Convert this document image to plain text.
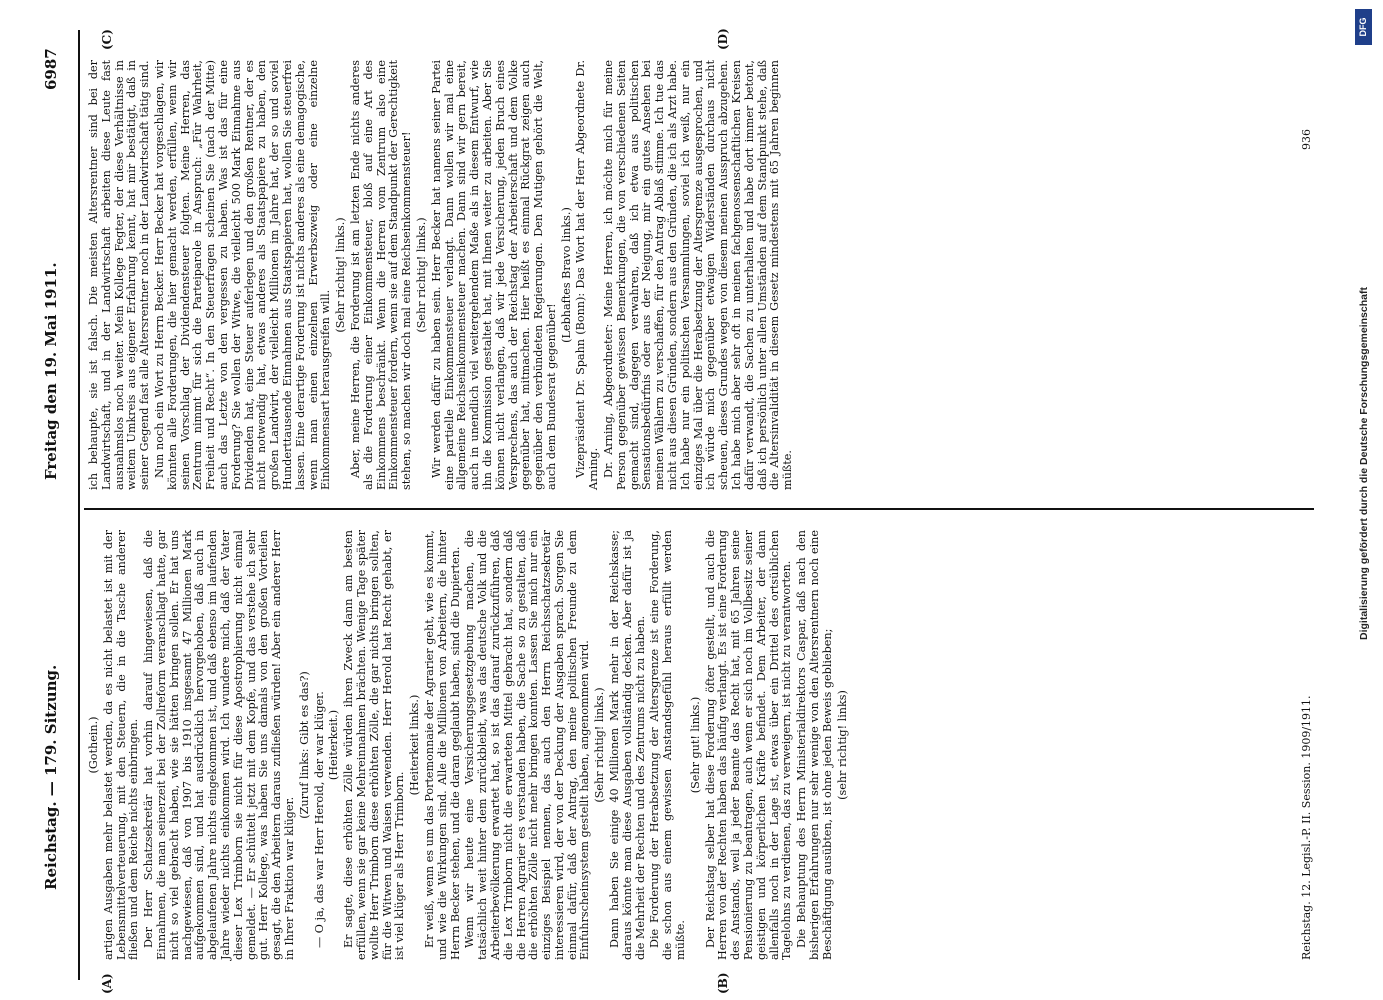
Reichstag. — 179. Sitzung.
Freitag den 19. Mai 1911.
6987
(A)	(B)
(C)	(D)

(Gothein.) artigen Ausgaben mehr belastet werden, da es nicht belastet ist mit der Lebensmittelverteuerung, mit den Steuern, die in die Tasche anderer fließen und dem Reiche nichts einbringen. Der Herr Schatzsekretär hat vorhin darauf hingewiesen, daß die Einnahmen, die man seinerzeit bei der Zollreform veranschlagt hatte, gar nicht so viel gebracht haben, wie sie hätten bringen sollen. Er hat uns nachgewiesen, daß von 1907 bis 1910 insgesamt 47 Millionen Mark aufgekommen sind, und hat ausdrücklich hervorgehoben, daß auch in abgelaufenen Jahre nichts eingekommen ist, und daß ebenso im laufenden Jahre wieder nichts einkommen wird. Ich wundere mich, daß der Vater dieser Lex Trimborn sie nicht für diese Apostrophierung nicht einmal gemeldet. — Er schüttelt jetzt mit dem Kopfe, und das verstehe ich sehr gut. Herr Kollege, was haben Sie uns damals von den großen Vorteilen gesagt, die den Arbeitern daraus zufließen würden! Aber ein anderer Herr in Ihrer Fraktion war klüger.

(Zuruf links: Gibt es das?) — O ja, das war Herr Herold, der war klüger. (Heiterkeit.) Er sagte, diese erhöhten Zölle würden ihren Zweck dann am besten erfüllen, wenn sie gar keine Mehreinnahmen brächten. Wenige Tage später wollte Herr Trimborn diese erhöhten Zölle, die gar nichts bringen sollten, für die Witwen und Waisen verwenden. Herr Herold hat Recht gehabt, er ist viel klüger als Herr Trimborn.

(Heiterkeit links.) Er weiß, wenn es um das Portemonnaie der Agrarier geht, wie es kommt, und wie die Wirkungen sind. Alle die Millionen von Arbeitern, die hinter Herrn Becker stehen, und die daran geglaubt haben, sind die Dupierten. Wenn wir heute eine Versicherungsgesetzgebung machen, die tatsächlich weit hinter dem zurückbleibt, was das deutsche Volk und die Arbeiterbevölkerung erwartet hat, so ist das darauf zurückzuführen, daß die Lex Trimborn nicht die erwarteten Mittel gebracht hat, sondern daß die Herren Agrarier es verstanden haben, die Sache so zu gestalten, daß die erhöhten Zölle nicht mehr bringen konnten. Lassen Sie mich nur ein einziges Beispiel nennen, das auch den Herrn Reichsschatzsekretär interessieren wird, der von der Deckung der Ausgaben sprach. Sorgen Sie einmal dafür, daß der Antrag, den meine politischen Freunde zu dem Einfuhrscheinsystem gestellt haben, angenommen wird. (Sehr richtig! links.) Dann haben Sie einige 40 Millionen Mark mehr in der Reichskasse; daraus könnte man diese Ausgaben vollständig decken. Aber dafür ist ja die Mehrheit der Rechten und des Zentrums nicht zu haben. Die Forderung der Herabsetzung der Altersgrenze ist eine Forderung, die schon aus einem gewissen Anstandsgefühl heraus erfüllt werden müßte.

(Sehr gut! links.) Der Reichstag selber hat diese Forderung öfter gestellt, und auch die Herren von der Rechten haben das häufig verlangt. Es ist eine Forderung des Anstands, weil ja jeder Beamte das Recht hat, mit 65 Jahren seine Pensionierung zu beantragen, auch wenn er sich noch im Vollbesitz seiner geistigen und körperlichen Kräfte befindet. Dem Arbeiter, der dann allenfalls noch in der Lage ist, etwas über ein Drittel des ortsüblichen Tagelohns zu verdienen, das zu verweigern, ist nicht zu verantworten. Die Behauptung des Herrn Ministerialdirektors Caspar, daß nach den bisherigen Erfahrungen nur sehr wenige von den Altersrentnern noch eine Beschäftigung ausübten, ist ohne jeden Beweis geblieben; (sehr richtig! links)

ich behaupte, sie ist falsch. Die meisten Altersrentner sind bei der Landwirtschaft, und in der Landwirtschaft arbeiten diese Leute fast ausnahmslos noch weiter. Mein Kollege Fegter, der diese Verhältnisse in weitem Umkreis aus eigener Erfahrung kennt, hat mir bestätigt, daß in seiner Gegend fast alle Altersrentner noch in der Landwirtschaft tätig sind. Nun noch ein Wort zu Herrn Becker. Herr Becker hat vorgeschlagen, wir könnten alle Forderungen, die hier gemacht werden, erfüllen, wenn wir seinen Vorschlag der Dividendensteuer folgten. Meine Herren, das Zentrum nimmt für sich die Parteiparole in Anspruch: „Für Wahrheit, Freiheit und Recht“. In den Steuerfragen scheinen Sie (nach der Mitte) auch das Letzte von den vergessen zu haben. Was ist das für eine Forderung? Sie wollen der Witwe, die vielleicht 500 Mark Einnahme aus Dividenden hat, eine Steuer auferlegen und den großen Rentner, der es nicht notwendig hat, etwas anderes als Staatspapiere zu haben, den großen Landwirt, der vielleicht Millionen im Jahre hat, der so und soviel Hunderttausende Einnahmen aus Staatspapieren hat, wollen Sie steuerfrei lassen. Eine derartige Forderung ist nichts anderes als eine demagogische, wenn man einen einzelnen Erwerbszweig oder eine einzelne Einkommensart herausgreifen will.

(Sehr richtig! links.) Aber, meine Herren, die Forderung ist am letzten Ende nichts anderes als die Forderung einer Einkommensteuer, bloß auf eine Art des Einkommens beschränkt. Wenn die Herren vom Zentrum also eine Einkommensteuer fordern, wenn sie auf dem Standpunkt der Gerechtigkeit stehen, so machen wir doch mal eine Reichseinkommensteuer! (Sehr richtig! links.) Wir werden dafür zu haben sein. Herr Becker hat namens seiner Partei eine partielle Einkommensteuer verlangt. Dann wollen wir mal eine allgemeine Reichseinkommensteuer machen. Dann sind wir gern bereit, auch in unendlich viel weitergehendem Maße als in diesem Entwurf, wie ihn die Kommission gestaltet hat, mit Ihnen weiter zu arbeiten. Aber Sie können nicht verlangen, daß wir jede Versicherung, jeden Bruch eines Versprechens, das auch der Reichstag der Arbeiterschaft und dem Volke gegenüber hat, mitmachen. Hier heißt es einmal Rückgrat zeigen auch gegenüber den verbündeten Regierungen. Den Mutigen gehört die Welt, auch dem Bundesrat gegenüber!

(Lebhaftes Bravo links.) Vizepräsident Dr. Spahn (Bonn): Das Wort hat der Herr Abgeordnete Dr. Arning. Dr. Arning, Abgeordneter: Meine Herren, ich möchte mich für meine Person gegenüber gewissen Bemerkungen, die von verschiedenen Seiten gemacht sind, dagegen verwahren, daß ich etwa aus politischen Sensationsbedürfnis oder aus der Neigung, mir ein gutes Ansehen bei meinen Wählern zu verschaffen, für den Antrag Ablaß stimme. Ich tue das nicht aus diesen Gründen, sondern aus den Gründen, die ich als Arzt habe. Ich habe nur ein politischen Versammlungen, soviel ich weiß, nur ein einziges Mal über die Herabsetzung der Altersgrenze ausgesprochen, und ich würde mich gegenüber etwaigen Widerständen durchaus nicht scheuen, dieses Grundes wegen von diesem meinen Ausspruch abzugehen. Ich habe mich aber sehr oft in meinen fachgenossenschaftlichen Kreisen dafür verwandt, die Sachen zu unterhalten und habe dort immer betont, daß ich persönlich unter allen Umständen auf dem Standpunkt stehe, daß die Altersinvalidität in diesem Gesetz mindestens mit 65 Jahren beginnen müßte.

Reichstag. 12. Legisl.-P. II. Session. 1909/1911.
936
Digitalisierung gefördert durch die Deutsche Forschungsgemeinschaft
DFG
